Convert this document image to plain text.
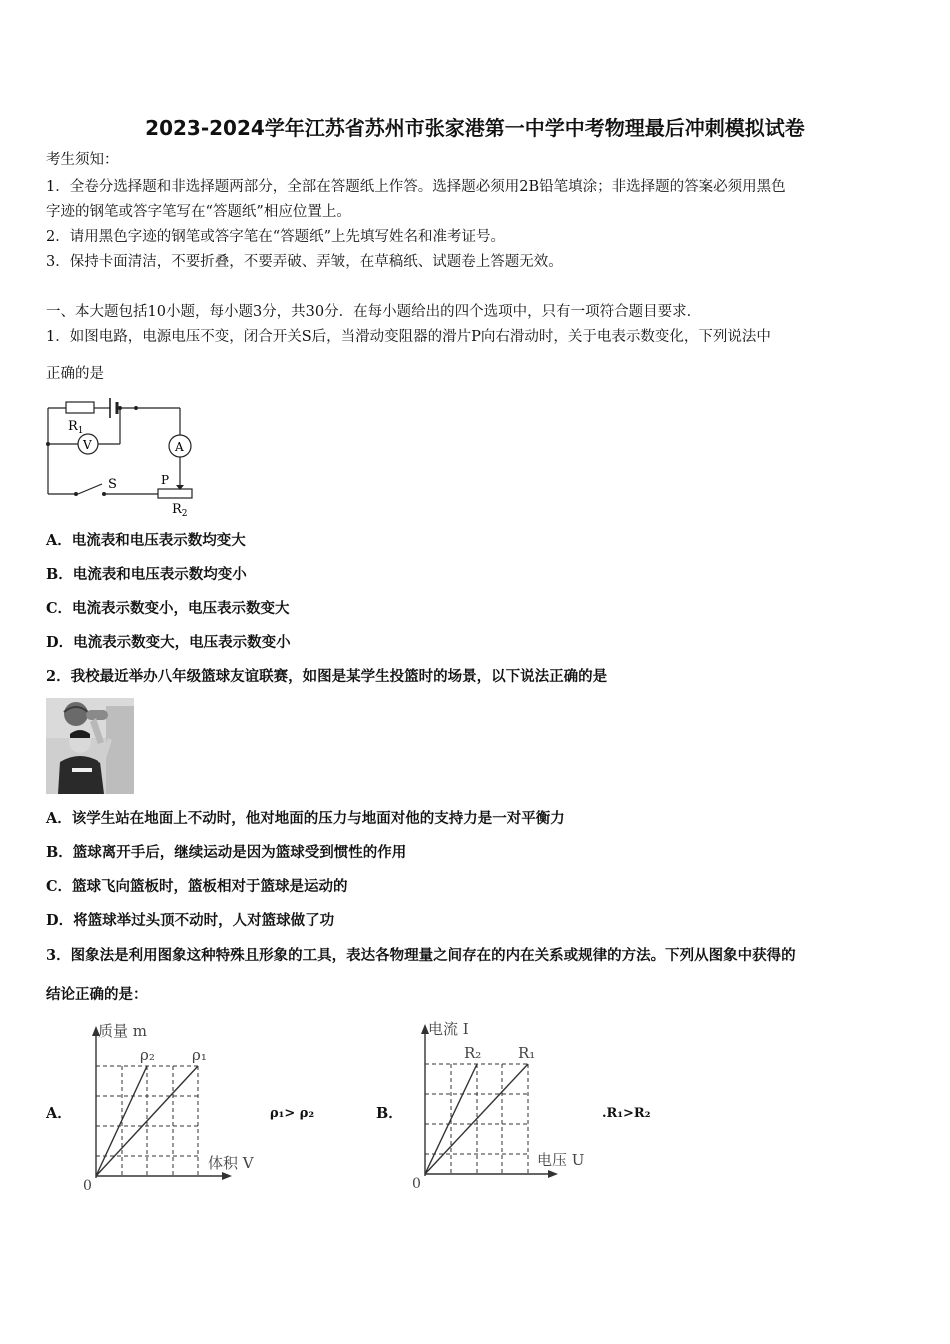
2023-2024学年江苏省苏州市张家港第一中学中考物理最后冲刺模拟试卷
考生须知：
1．全卷分选择题和非选择题两部分，全部在答题纸上作答。选择题必须用2B铅笔填涂；非选择题的答案必须用黑色
字迹的钢笔或答字笔写在“答题纸”相应位置上。
2．请用黑色字迹的钢笔或答字笔在“答题纸”上先填写姓名和准考证号。
3．保持卡面清洁，不要折叠，不要弄破、弄皱，在草稿纸、试题卷上答题无效。
一、本大题包括10小题，每小题3分，共30分．在每小题给出的四个选项中，只有一项符合题目要求．
1．如图电路，电源电压不变，闭合开关S后，当滑动变阻器的滑片P向右滑动时，关于电表示数变化，下列说法中
正确的是
$R_1$
V	A
S	P
$R_2$
A．电流表和电压表示数均变大
B．电流表和电压表示数均变小
C．电流表示数变小，电压表示数变大
D．电流表示数变大，电压表示数变小
2．我校最近举办八年级篮球友谊联赛，如图是某学生投篮时的场景，以下说法正确的是
A．该学生站在地面上不动时，他对地面的压力与地面对他的支持力是一对平衡力
B．篮球离开手后，继续运动是因为篮球受到惯性的作用
C．篮球飞向篮板时，篮板相对于篮球是运动的
D．将篮球举过头顶不动时，人对篮球做了功
3．图象法是利用图象这种特殊且形象的工具，表达各物理量之间存在的内在关系或规律的方法。下列从图象中获得的
结论正确的是：
A．
质量 m
体积 V
0
ρ₂ ρ₁
ρ₁> ρ₂	B．
电流 I
电压 U
0
R₂ R₁
.R₁>R₂
